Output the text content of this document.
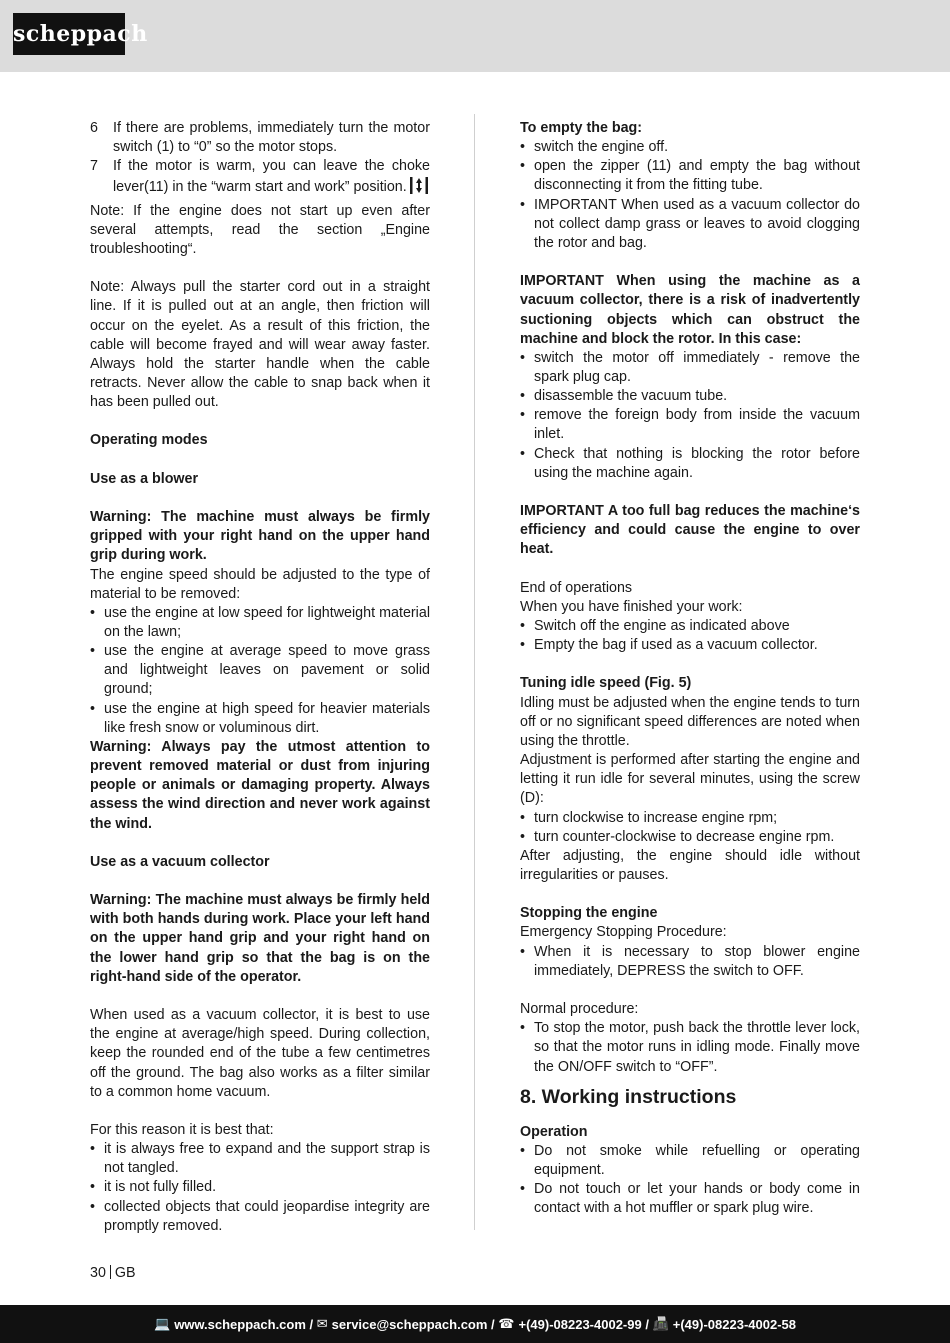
scheppach
6 If there are problems, immediately turn the motor switch (1) to “0” so the motor stops.
7 If the motor is warm, you can leave the choke lever(11) in the “warm start and work” position.

Note: If the engine does not start up even after several attempts, read the section „Engine troubleshooting“.

Note: Always pull the starter cord out in a straight line. If it is pulled out at an angle, then friction will occur on the eyelet. As a result of this friction, the cable will become frayed and will wear away faster. Always hold the starter handle when the cable retracts. Never allow the cable to snap back when it has been pulled out.

Operating modes

Use as a blower

Warning: The machine must always be firmly gripped with your right hand on the upper hand grip during work.

The engine speed should be adjusted to the type of material to be removed:

• use the engine at low speed for lightweight material on the lawn;
• use the engine at average speed to move grass and lightweight leaves on pavement or solid ground;
• use the engine at high speed for heavier materials like fresh snow or voluminous dirt.

Warning: Always pay the utmost attention to prevent removed material or dust from injuring people or animals or damaging property. Always assess the wind direction and never work against the wind.

Use as a vacuum collector

Warning: The machine must always be firmly held with both hands during work. Place your left hand on the upper hand grip and your right hand on the lower hand grip so that the bag is on the right-hand side of the operator.

When used as a vacuum collector, it is best to use the engine at average/high speed. During collection, keep the rounded end of the tube a few centimetres off the ground. The bag also works as a filter similar to a common home vacuum.

For this reason it is best that:

• it is always free to expand and the support strap is not tangled.
• it is not fully filled.
• collected objects that could jeopardise integrity are promptly removed.

To empty the bag:

• switch the engine off.
• open the zipper (11) and empty the bag without disconnecting it from the fitting tube.
• IMPORTANT When used as a vacuum collector do not collect damp grass or leaves to avoid clogging the rotor and bag.

IMPORTANT When using the machine as a vacuum collector, there is a risk of inadvertently suctioning objects which can obstruct the machine and block the rotor. In this case:

• switch the motor off immediately - remove the spark plug cap.
• disassemble the vacuum tube.
• remove the foreign body from inside the vacuum inlet.
• Check that nothing is blocking the rotor before using the machine again.

IMPORTANT A too full bag reduces the machine‘s efficiency and could cause the engine to over heat.

End of operations

When you have finished your work:

• Switch off the engine as indicated above
• Empty the bag if used as a vacuum collector.

Tuning idle speed (Fig. 5)

Idling must be adjusted when the engine tends to turn off or no significant speed differences are noted when using the throttle.

Adjustment is performed after starting the engine and letting it run idle for several minutes, using the screw (D):

• turn clockwise to increase engine rpm;
• turn counter-clockwise to decrease engine rpm.

After adjusting, the engine should idle without irregularities or pauses.

Stopping the engine

Emergency Stopping Procedure:

• When it is necessary to stop blower engine immediately, DEPRESS the switch to OFF.

Normal procedure:

• To stop the motor, push back the throttle lever lock, so that the motor runs in idling mode. Finally move the ON/OFF switch to “OFF”.
8. Working instructions

Operation

• Do not smoke while refuelling or operating equipment.
• Do not touch or let your hands or body come in contact with a hot muffler or spark plug wire.
30 GB
💻 www.scheppach.com /
✉ service@scheppach.com /
☎ +(49)-08223-4002-99 /
📠 +(49)-08223-4002-58
